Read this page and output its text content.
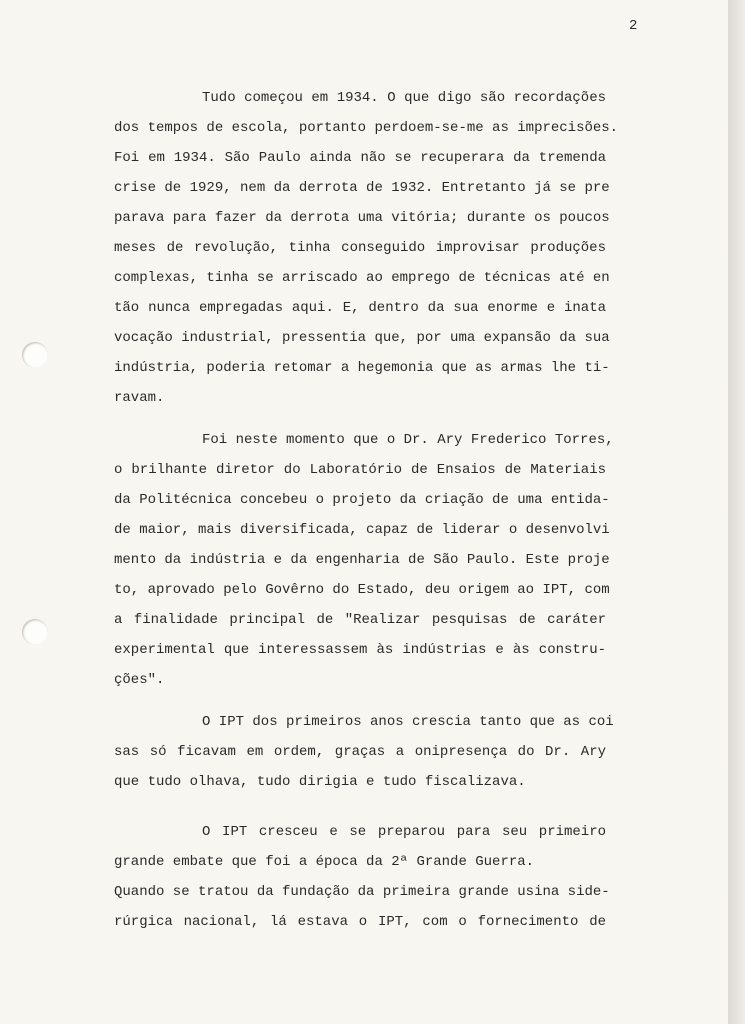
2
Tudo começou em 1934. O que digo são recordações
dos tempos de escola, portanto perdoem-se-me as imprecisões.
Foi em 1934. São Paulo ainda não se recuperara da tremenda
crise de 1929, nem da derrota de 1932. Entretanto já se pre
parava para fazer da derrota uma vitória; durante os poucos
meses de revolução, tinha conseguido improvisar produções
complexas, tinha se arriscado ao emprego de técnicas até en
tão nunca empregadas aqui. E, dentro da sua enorme e inata
vocação industrial, pressentia que, por uma expansão da sua
indústria, poderia retomar a hegemonia que as armas lhe ti-
ravam.
Foi neste momento que o Dr. Ary Frederico Torres,
o brilhante diretor do Laboratório de Ensaios de Materiais
da Politécnica concebeu o projeto da criação de uma entida-
de maior, mais diversificada, capaz de liderar o desenvolvi
mento da indústria e da engenharia de São Paulo. Este proje
to, aprovado pelo Govêrno do Estado, deu origem ao IPT, com
a finalidade principal de "Realizar pesquisas de caráter
experimental que interessassem às indústrias e às constru-
ções".
O IPT dos primeiros anos crescia tanto que as coi
sas só ficavam em ordem, graças a onipresença do Dr. Ary
que tudo olhava, tudo dirigia e tudo fiscalizava.
O IPT cresceu e se preparou para seu primeiro
grande embate que foi a época da 2ª Grande Guerra.
Quando se tratou da fundação da primeira grande usina side-
rúrgica nacional, lá estava o IPT, com o fornecimento de
